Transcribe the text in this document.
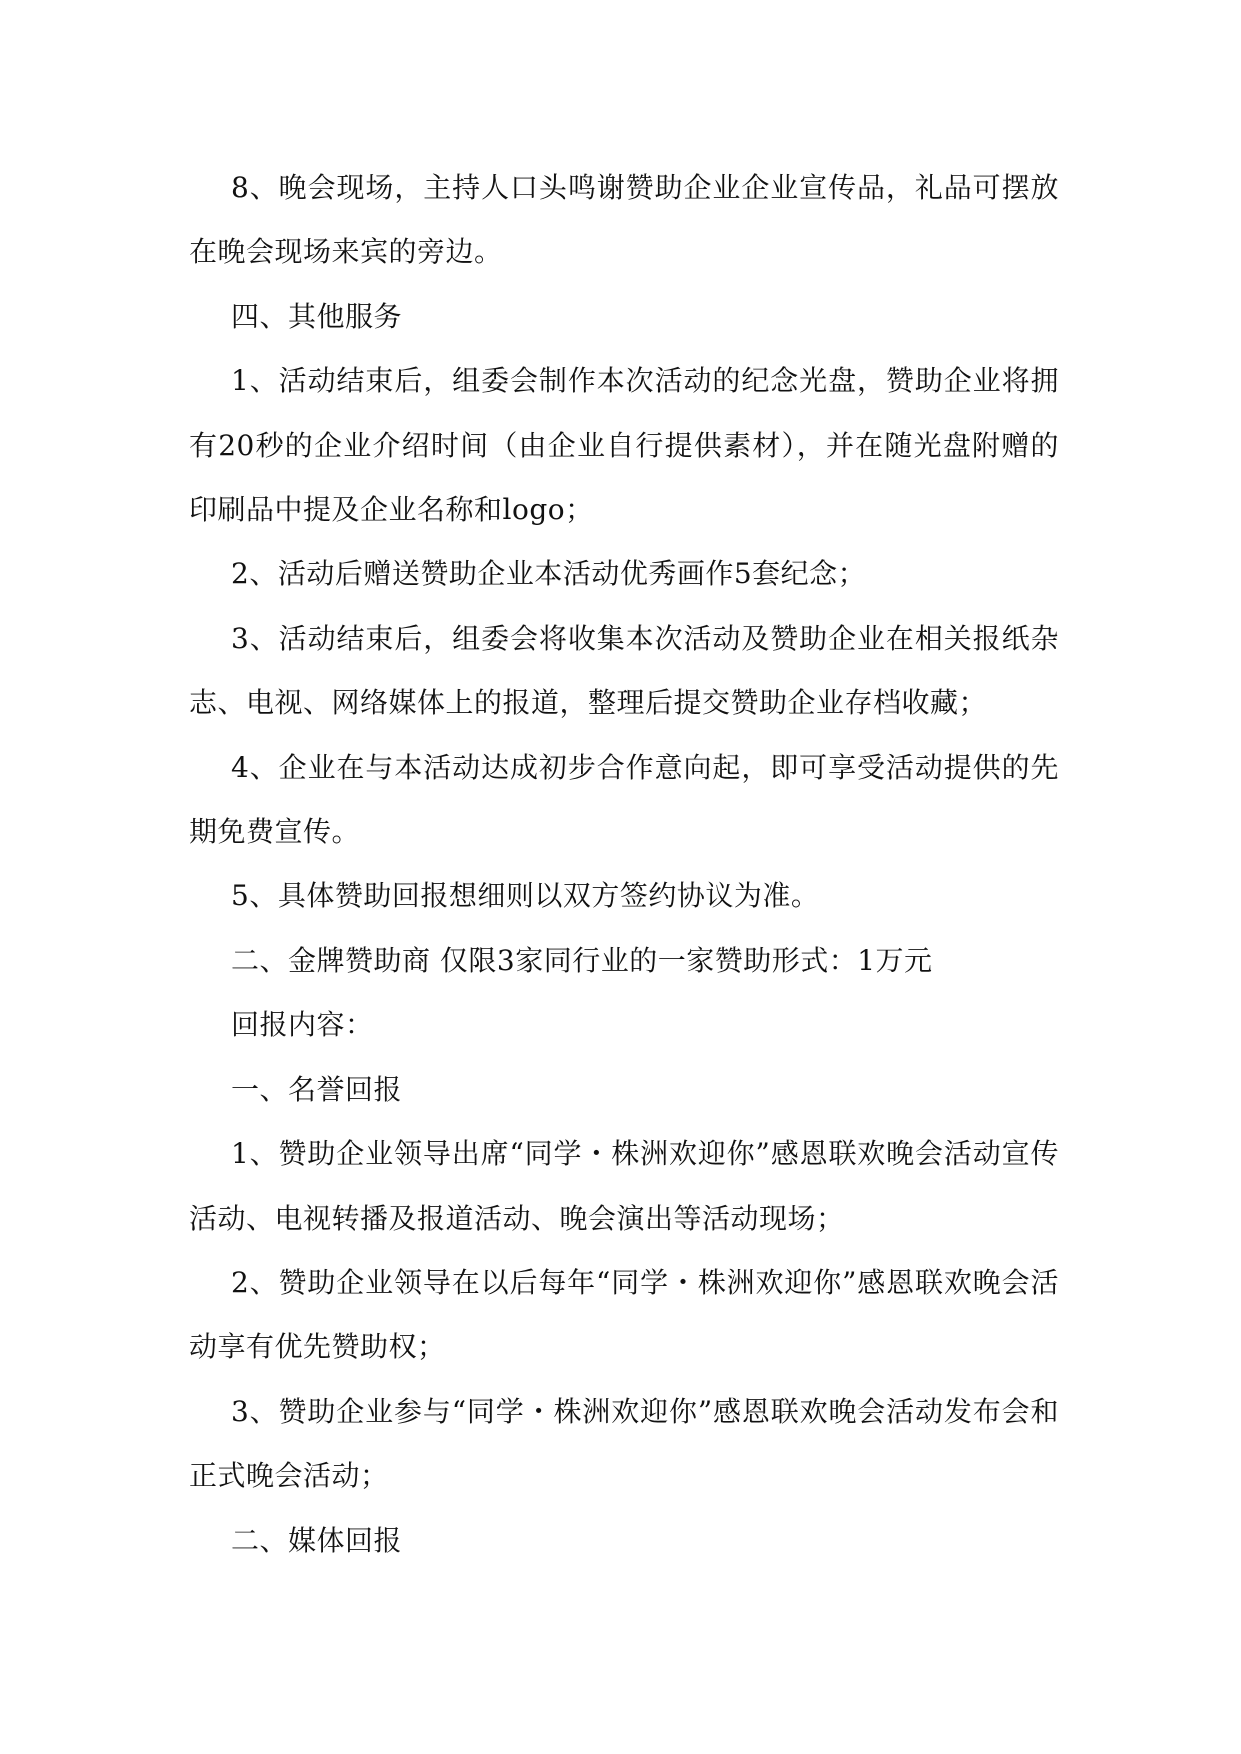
8、晚会现场，主持人口头鸣谢赞助企业企业宣传品，礼品可摆放在晚会现场来宾的旁边。

四、其他服务

1、活动结束后，组委会制作本次活动的纪念光盘，赞助企业将拥有20秒的企业介绍时间（由企业自行提供素材），并在随光盘附赠的印刷品中提及企业名称和logo；

2、活动后赠送赞助企业本活动优秀画作5套纪念；

3、活动结束后，组委会将收集本次活动及赞助企业在相关报纸杂志、电视、网络媒体上的报道，整理后提交赞助企业存档收藏；

4、企业在与本活动达成初步合作意向起，即可享受活动提供的先期免费宣传。

5、具体赞助回报想细则以双方签约协议为准。

二、金牌赞助商 仅限3家同行业的一家赞助形式：1万元

回报内容：

一、名誉回报

1、赞助企业领导出席“同学・株洲欢迎你”感恩联欢晚会活动宣传活动、电视转播及报道活动、晚会演出等活动现场；

2、赞助企业领导在以后每年“同学・株洲欢迎你”感恩联欢晚会活动享有优先赞助权；

3、赞助企业参与“同学・株洲欢迎你”感恩联欢晚会活动发布会和正式晚会活动；

二、媒体回报
